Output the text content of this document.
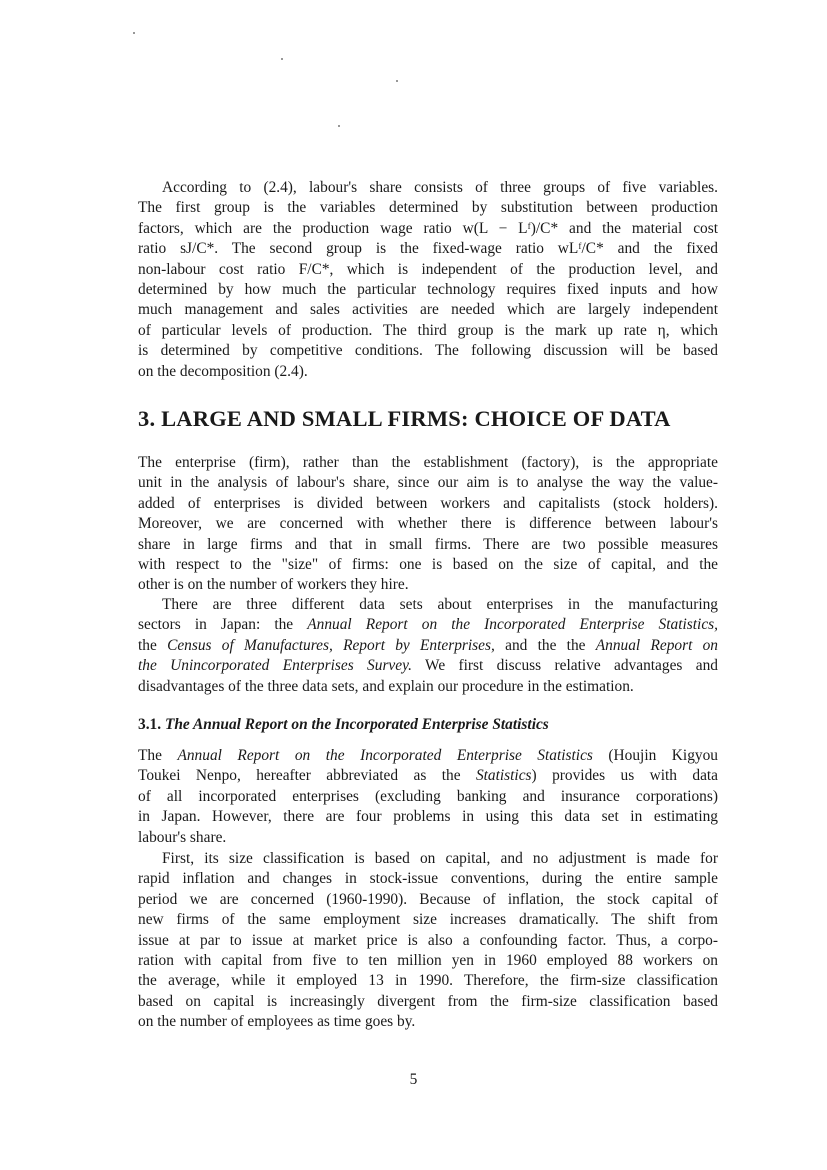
According to (2.4), labour's share consists of three groups of five variables.
The first group is the variables determined by substitution between production
factors, which are the production wage ratio w(L − Lᶠ)/C* and the material cost
ratio sJ/C*. The second group is the fixed-wage ratio wLᶠ/C* and the fixed
non-labour cost ratio F/C*, which is independent of the production level, and
determined by how much the particular technology requires fixed inputs and how
much management and sales activities are needed which are largely independent
of particular levels of production. The third group is the mark up rate η, which
is determined by competitive conditions. The following discussion will be based
on the decomposition (2.4).

3. LARGE AND SMALL FIRMS: CHOICE OF DATA

The enterprise (firm), rather than the establishment (factory), is the appropriate
unit in the analysis of labour's share, since our aim is to analyse the way the value-
added of enterprises is divided between workers and capitalists (stock holders).
Moreover, we are concerned with whether there is difference between labour's
share in large firms and that in small firms. There are two possible measures
with respect to the "size" of firms: one is based on the size of capital, and the
other is on the number of workers they hire.

There are three different data sets about enterprises in the manufacturing
sectors in Japan: the Annual Report on the Incorporated Enterprise Statistics,
the Census of Manufactures, Report by Enterprises, and the the Annual Report on
the Unincorporated Enterprises Survey. We first discuss relative advantages and
disadvantages of the three data sets, and explain our procedure in the estimation.

3.1. The Annual Report on the Incorporated Enterprise Statistics

The Annual Report on the Incorporated Enterprise Statistics (Houjin Kigyou
Toukei Nenpo, hereafter abbreviated as the Statistics) provides us with data
of all incorporated enterprises (excluding banking and insurance corporations)
in Japan. However, there are four problems in using this data set in estimating
labour's share.

First, its size classification is based on capital, and no adjustment is made for
rapid inflation and changes in stock-issue conventions, during the entire sample
period we are concerned (1960-1990). Because of inflation, the stock capital of
new firms of the same employment size increases dramatically. The shift from
issue at par to issue at market price is also a confounding factor. Thus, a corpo-
ration with capital from five to ten million yen in 1960 employed 88 workers on
the average, while it employed 13 in 1990. Therefore, the firm-size classification
based on capital is increasingly divergent from the firm-size classification based
on the number of employees as time goes by.

5
